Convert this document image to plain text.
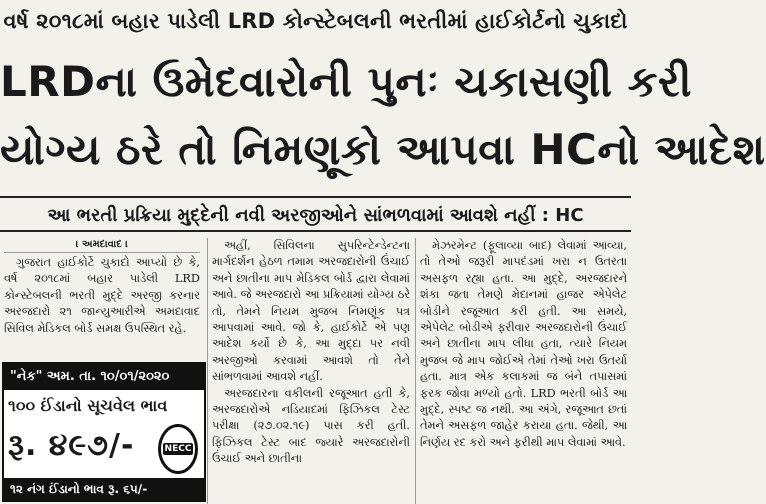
વર્ષ ૨૦૧૮માં બહાર પાડેલી LRD કોન્સ્ટેબલની ભરતીમાં હાઈકોર્ટનો ચુકાદો
LRDના ઉમેદવારોની પુનઃ ચકાસણી કરી
યોગ્ય ઠરે તો નિમણૂકો આપવા HCનો આદેશ
આ ભરતી પ્રક્રિયા મુદ્દેની નવી અરજીઓને સાંભળવામાં આવશે નહીં : HC
। અમદાવાદ ।

ગુજરાત હાઈકોર્ટે ચુકાદો આપ્યો છે કે, વર્ષ ૨૦૧૮માં બહાર પાડેલી LRD કોન્સ્ટેબલની ભરતી મુદ્દે અરજી કરનાર અરજદારો ૨૧ જાન્યુઆરીએ અમદાવાદ સિવિલ મેડિકલ બોર્ડ સમક્ષ ઉપસ્થિત રહે.

અહીં, સિવિલના સુપરિન્ટેન્ડેન્ટના માર્ગદર્શન હેઠળ તમામ અરજદારોની ઉંચાઈ અને છાતીના માપ મેડિકલ બોર્ડ દ્વારા લેવામાં આવે. જે અરજદારો આ પ્રક્રિયામાં યોગ્ય ઠરે તો, તેમને નિયમ મુજબ નિમણૂંક પત્ર આપવામાં આવે. જો કે, હાઈકોર્ટે એ પણ આદેશ કર્યો છે કે, આ મુદ્દા પર નવી અરજીઓ કરવામાં આવશે તો તેને સાંભળવામાં આવશે નહીં.

અરજદારના વકીલની રજૂઆત હતી કે, અરજદારોએ નડિયાદમાં ફિઝિકલ ટેસ્ટ પરીક્ષા (૨૭.૦૨.૧૯) પાસ કરી હતી. ફિઝિકલ ટેસ્ટ બાદ જ્યારે અરજદારોની ઉંચાઈ અને છાતીના

મેઝરમેન્ટ (ફૂલાવ્યા બાદ) લેવામાં આવ્યા, તો તેઓ જરૂરી માપદંડમાં ખરા ન ઉતરતા અસફળ રહ્યા હતા. આ મુદ્દે, અરજદારને શંકા જતા તેમણે મેદાનમાં હાજર એપેલેટ બોડીને રજૂઆત કરી હતી. આ સમયે, એપેલેટ બોડીએ ફરીવાર અરજદારોની ઉંચાઈ અને છાતીના માપ લીધા હતા, ત્યારે નિયમ મુજબ જે માપ જોઈએ તેમાં તેઓ ખરા ઉતર્યા હતા. માત્ર એક કલાકમાં જ બંને તપાસમાં ફરક જોવા મળ્યો હતો. LRD ભરતી બોર્ડ આ મુદ્દે, સ્પષ્ટ જ નથી. આ અંગે, રજૂઆત છતાં તેમને અસફળ જાહેર કરાયા હતા. જેથી, આ નિર્ણય રદ કરો અને ફરીથી માપ લેવામાં આવે.

"નેક" અમ. તા. ૧૦/૦૧/૨૦૨૦
૧૦૦ ઈંડાનો સૂચવેલ ભાવ
રૂ. ૪૯૭/-	NECC
૧૨ નંગ ઈંડાનો ભાવ રૂ. ૬૫/-
